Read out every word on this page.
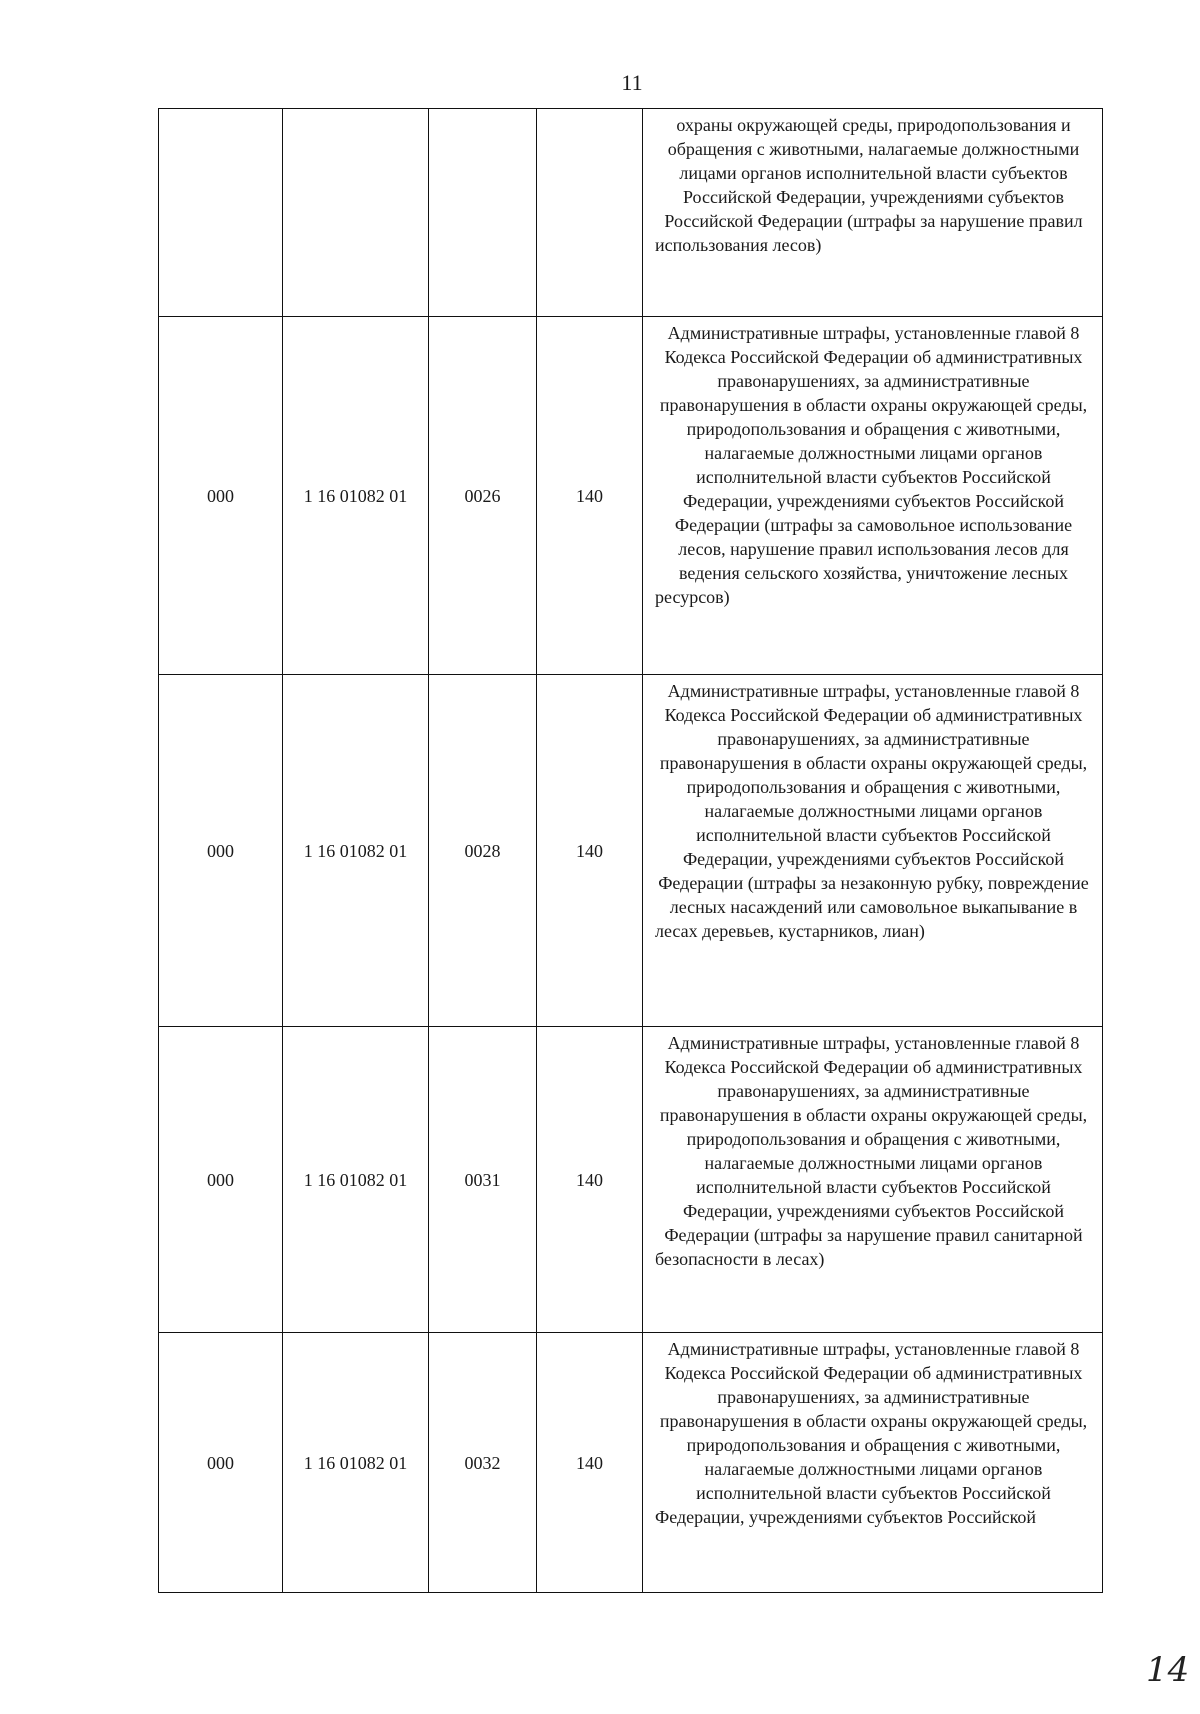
11
				охраны окружающей среды, природопользования и обращения с животными, налагаемые должностными лицами органов исполнительной власти субъектов Российской Федерации, учреждениями субъектов Российской Федерации (штрафы за нарушение правил использования лесов)
000	1 16 01082 01	0026	140	Административные штрафы, установленные главой 8 Кодекса Российской Федерации об административных правонарушениях, за административные правонарушения в области охраны окружающей среды, природопользования и обращения с животными, налагаемые должностными лицами органов исполнительной власти субъектов Российской Федерации, учреждениями субъектов Российской Федерации (штрафы за самовольное использование лесов, нарушение правил использования лесов для ведения сельского хозяйства, уничтожение лесных ресурсов)
000	1 16 01082 01	0028	140	Административные штрафы, установленные главой 8 Кодекса Российской Федерации об административных правонарушениях, за административные правонарушения в области охраны окружающей среды, природопользования и обращения с животными, налагаемые должностными лицами органов исполнительной власти субъектов Российской Федерации, учреждениями субъектов Российской Федерации (штрафы за незаконную рубку, повреждение лесных насаждений или самовольное выкапывание в лесах деревьев, кустарников, лиан)
000	1 16 01082 01	0031	140	Административные штрафы, установленные главой 8 Кодекса Российской Федерации об административных правонарушениях, за административные правонарушения в области охраны окружающей среды, природопользования и обращения с животными, налагаемые должностными лицами органов исполнительной власти субъектов Российской Федерации, учреждениями субъектов Российской Федерации (штрафы за нарушение правил санитарной безопасности в лесах)
000	1 16 01082 01	0032	140	Административные штрафы, установленные главой 8 Кодекса Российской Федерации об административных правонарушениях, за административные правонарушения в области охраны окружающей среды, природопользования и обращения с животными, налагаемые должностными лицами органов исполнительной власти субъектов Российской Федерации, учреждениями субъектов Российской
14
